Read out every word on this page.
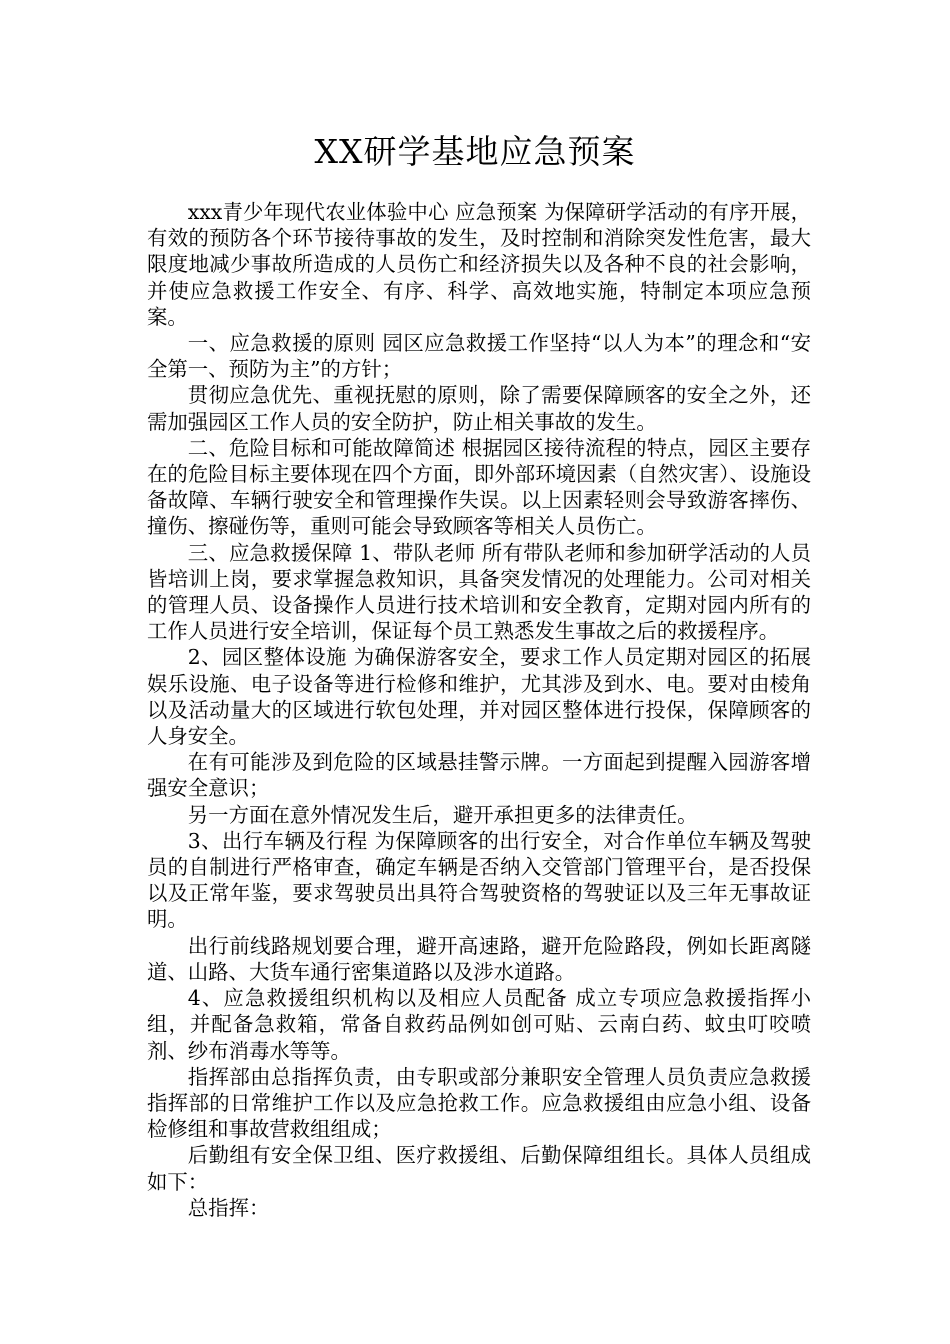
XX研学基地应急预案

xxx青少年现代农业体验中心 应急预案 为保障研学活动的有序开展，有效的预防各个环节接待事故的发生，及时控制和消除突发性危害，最大限度地减少事故所造成的人员伤亡和经济损失以及各种不良的社会影响，并使应急救援工作安全、有序、科学、高效地实施，特制定本项应急预案。

一、应急救援的原则 园区应急救援工作坚持“以人为本”的理念和“安全第一、预防为主”的方针；

贯彻应急优先、重视抚慰的原则，除了需要保障顾客的安全之外，还需加强园区工作人员的安全防护，防止相关事故的发生。

二、危险目标和可能故障简述 根据园区接待流程的特点，园区主要存在的危险目标主要体现在四个方面，即外部环境因素（自然灾害）、设施设备故障、车辆行驶安全和管理操作失误。以上因素轻则会导致游客摔伤、撞伤、擦碰伤等，重则可能会导致顾客等相关人员伤亡。

三、应急救援保障 1、带队老师 所有带队老师和参加研学活动的人员皆培训上岗，要求掌握急救知识，具备突发情况的处理能力。公司对相关的管理人员、设备操作人员进行技术培训和安全教育，定期对园内所有的工作人员进行安全培训，保证每个员工熟悉发生事故之后的救援程序。

2、园区整体设施 为确保游客安全，要求工作人员定期对园区的拓展娱乐设施、电子设备等进行检修和维护，尤其涉及到水、电。要对由棱角以及活动量大的区域进行软包处理，并对园区整体进行投保，保障顾客的人身安全。

在有可能涉及到危险的区域悬挂警示牌。一方面起到提醒入园游客增强安全意识；

另一方面在意外情况发生后，避开承担更多的法律责任。

3、出行车辆及行程 为保障顾客的出行安全，对合作单位车辆及驾驶员的自制进行严格审查，确定车辆是否纳入交管部门管理平台，是否投保以及正常年鉴，要求驾驶员出具符合驾驶资格的驾驶证以及三年无事故证明。

出行前线路规划要合理，避开高速路，避开危险路段，例如长距离隧道、山路、大货车通行密集道路以及涉水道路。

4、应急救援组织机构以及相应人员配备 成立专项应急救援指挥小组，并配备急救箱，常备自救药品例如创可贴、云南白药、蚊虫叮咬喷剂、纱布消毒水等等。

指挥部由总指挥负责，由专职或部分兼职安全管理人员负责应急救援指挥部的日常维护工作以及应急抢救工作。应急救援组由应急小组、设备检修组和事故营救组组成；

后勤组有安全保卫组、医疗救援组、后勤保障组组长。具体人员组成如下：

总指挥：
